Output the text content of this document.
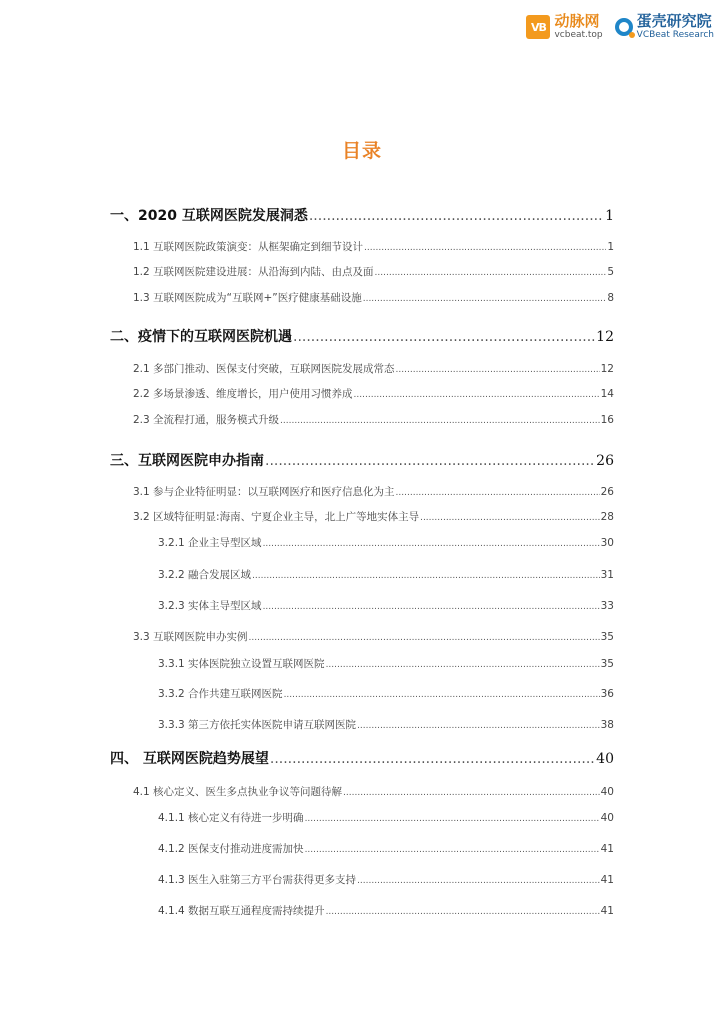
VB 动脉网
vcbeat.top
蛋壳研究院
VCBeat Research
目录
一、2020 互联网医院发展洞悉 .....	1
1.1 互联网医院政策演变：从框架确定到细节设计 .....	1
1.2 互联网医院建设进展：从沿海到内陆、由点及面 .....	5
1.3 互联网医院成为“互联网+”医疗健康基础设施 .....	8
二、疫情下的互联网医院机遇 .....	12
2.1 多部门推动、医保支付突破，互联网医院发展成常态 .....	12
2.2 多场景渗透、维度增长，用户使用习惯养成 .....	14
2.3 全流程打通，服务模式升级 .....	16
三、互联网医院申办指南 .....	26
3.1 参与企业特征明显：以互联网医疗和医疗信息化为主 .....	26
3.2 区域特征明显:海南、宁夏企业主导，北上广等地实体主导 .....	28
3.2.1 企业主导型区域 .....	30
3.2.2 融合发展区域 .....	31
3.2.3 实体主导型区域 .....	33
3.3 互联网医院申办实例 .....	35
3.3.1 实体医院独立设置互联网医院 .....	35
3.3.2 合作共建互联网医院 .....	36
3.3.3 第三方依托实体医院申请互联网医院 .....	38
四、 互联网医院趋势展望 .....	40
4.1 核心定义、医生多点执业争议等问题待解 .....	40
4.1.1 核心定义有待进一步明确 .....	40
4.1.2 医保支付推动进度需加快 .....	41
4.1.3 医生入驻第三方平台需获得更多支持 .....	41
4.1.4 数据互联互通程度需持续提升 .....	41
